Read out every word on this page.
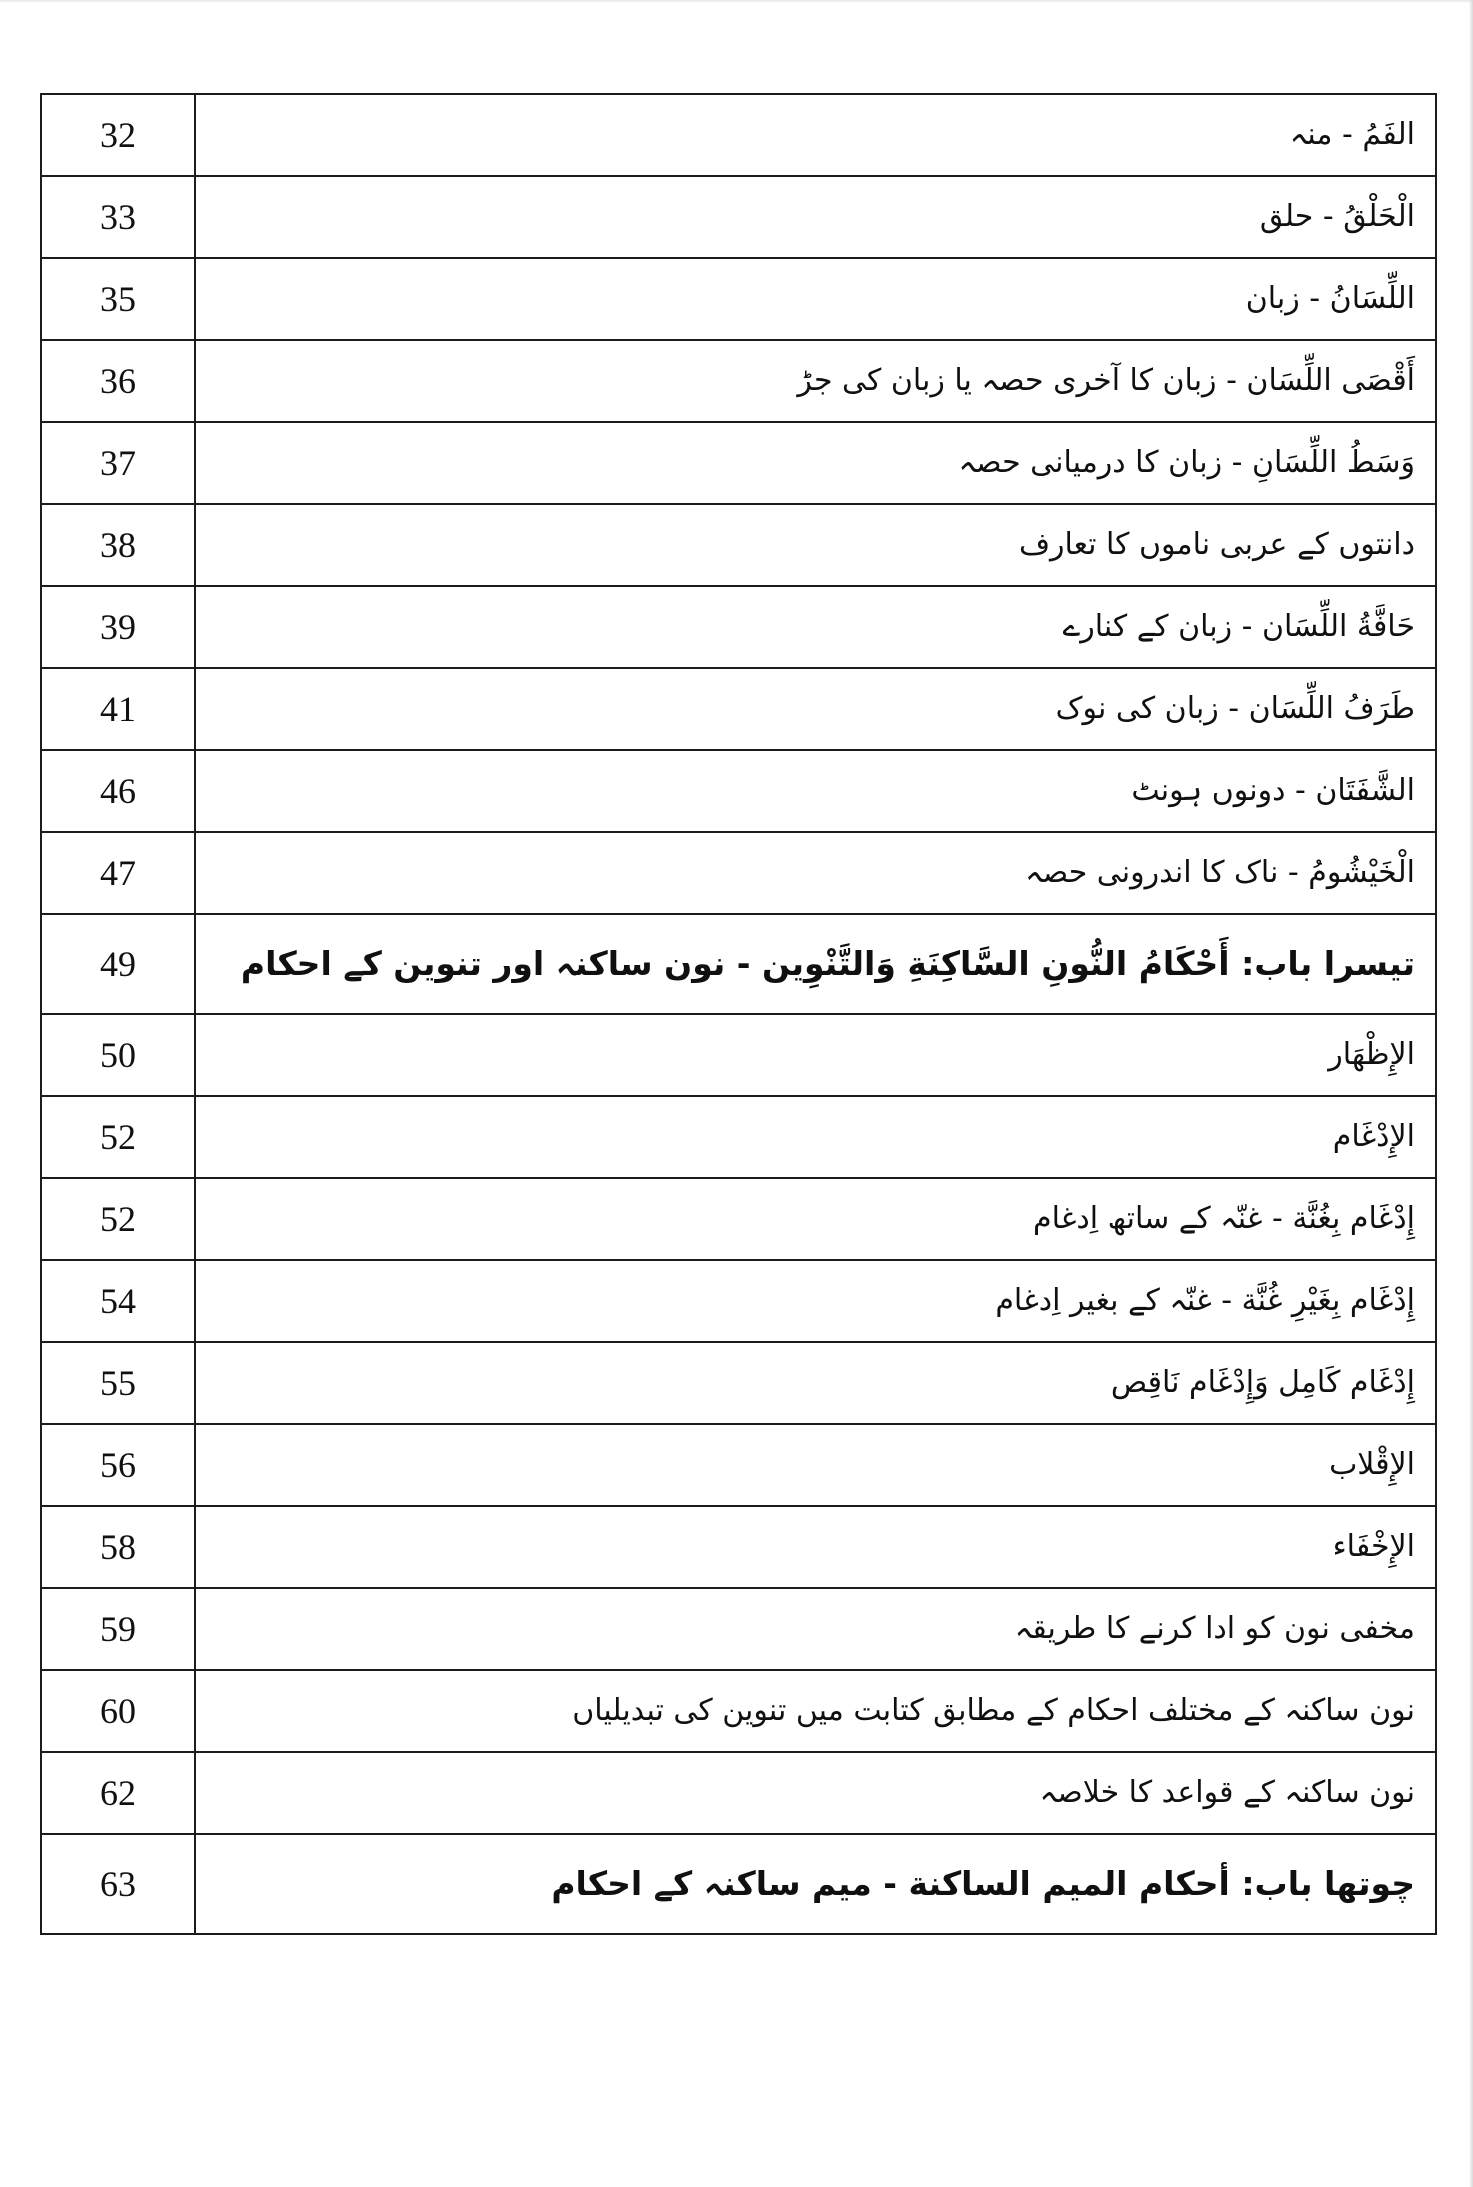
32	الفَمُ - منہ
33	الْحَلْقُ - حلق
35	اللِّسَانُ - زبان
36	أَقْصَى اللِّسَان - زبان کا آخری حصہ یا زبان کی جڑ
37	وَسَطُ اللِّسَانِ - زبان کا درمیانی حصہ
38	دانتوں کے عربی ناموں کا تعارف
39	حَافَّةُ اللِّسَان - زبان کے کنارے
41	طَرَفُ اللِّسَان - زبان کی نوک
46	الشَّفَتَان - دونوں ہونٹ
47	الْخَيْشُومُ - ناک کا اندرونی حصہ
49	تیسرا باب: أَحْكَامُ النُّونِ السَّاكِنَةِ وَالتَّنْوِين - نون ساکنہ اور تنوین کے احکام
50	الإِظْهَار
52	الإِدْغَام
52	إِدْغَام بِغُنَّة - غنّہ کے ساتھ اِدغام
54	إِدْغَام بِغَيْرِ غُنَّة - غنّہ کے بغیر اِدغام
55	إِدْغَام كَامِل وَإِدْغَام نَاقِص
56	الإِقْلاب
58	الإِخْفَاء
59	مخفی نون کو ادا کرنے کا طریقہ
60	نون ساکنہ کے مختلف احکام کے مطابق کتابت میں تنوین کی تبدیلیاں
62	نون ساکنہ کے قواعد کا خلاصہ
63	چوتھا باب: أحكام الميم الساكنة - میم ساکنہ کے احکام
